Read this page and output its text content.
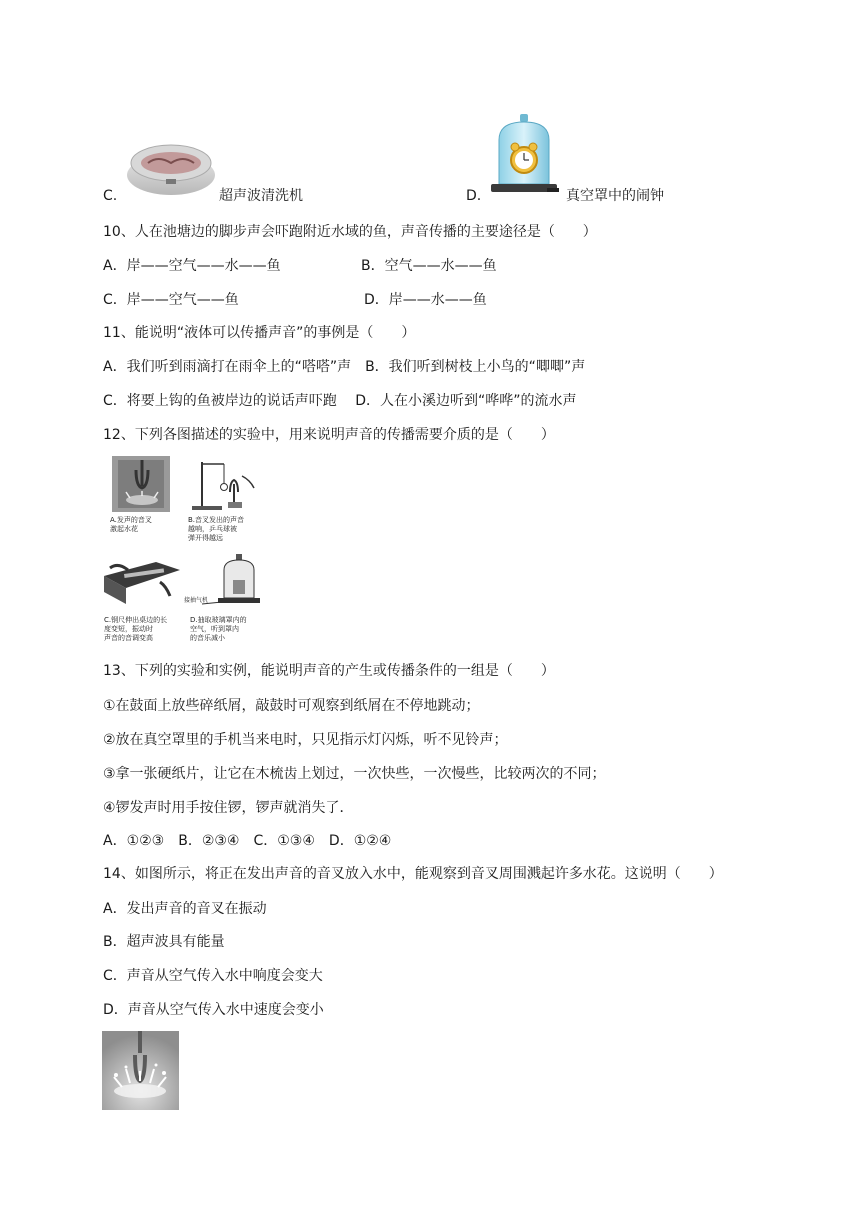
C.	超声波清洗机	D.	真空罩中的闹钟
10、人在池塘边的脚步声会吓跑附近水域的鱼，声音传播的主要途径是（　　）
A．岸——空气——水——鱼	B．空气——水——鱼
C．岸——空气——鱼	D．岸——水——鱼
11、能说明“液体可以传播声音”的事例是（　　）
A．我们听到雨滴打在雨伞上的“嗒嗒”声　B．我们听到树枝上小鸟的“唧唧”声
C．将要上钩的鱼被岸边的说话声吓跑　 D．人在小溪边听到“哗哗”的流水声
12、下列各图描述的实验中，用来说明声音的传播需要介质的是（　　）
A.发声的音叉
激起水花
B.音叉发出的声音
越响，乒乓球被
弹开得越远
C.钢尺伸出桌边的长
度变短，振动时
声音的音调变高
接抽气机
D.抽取玻璃罩内的
空气，听到罩内
的音乐减小
13、下列的实验和实例，能说明声音的产生或传播条件的一组是（　　）
①在鼓面上放些碎纸屑，敲鼓时可观察到纸屑在不停地跳动；
②放在真空罩里的手机当来电时，只见指示灯闪烁，听不见铃声；
③拿一张硬纸片，让它在木梳齿上划过，一次快些，一次慢些，比较两次的不同；
④锣发声时用手按住锣，锣声就消失了．
A．①②③　B．②③④　C．①③④　D．①②④
14、如图所示，将正在发出声音的音叉放入水中，能观察到音叉周围溅起许多水花。这说明（　　）
A．发出声音的音叉在振动
B．超声波具有能量
C．声音从空气传入水中响度会变大
D．声音从空气传入水中速度会变小
